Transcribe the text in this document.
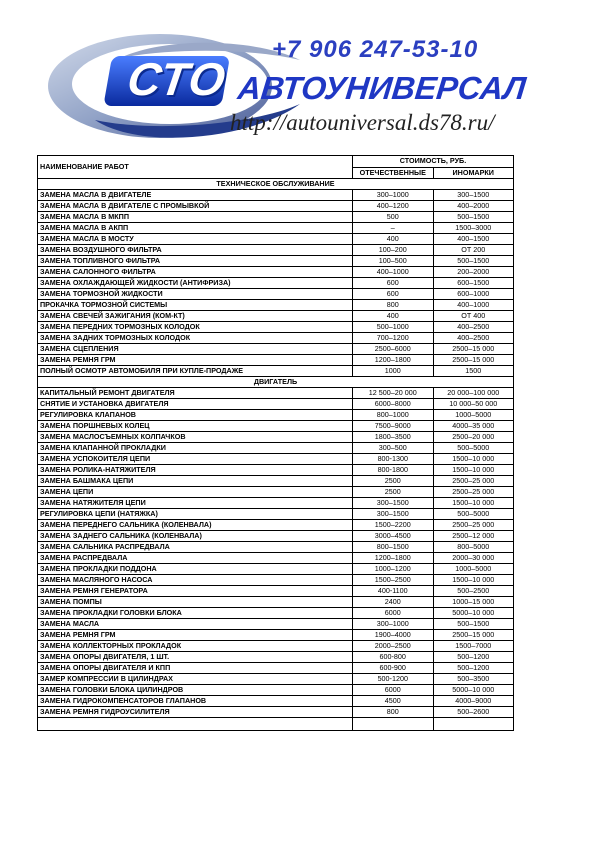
СТО
+7 906 247-53-10
АВТОУНИВЕРСАЛ
http://autouniversal.ds78.ru/
НАИМЕНОВАНИЕ РАБОТ	СТОИМОСТЬ, РУБ.	
	ОТЕЧЕСТВЕННЫЕ	ИНОМАРКИ
ТЕХНИЧЕСКОЕ ОБСЛУЖИВАНИЕ		
ЗАМЕНА МАСЛА В ДВИГАТЕЛЕ	300–1000	300–1500
ЗАМЕНА МАСЛА В ДВИГАТЕЛЕ С ПРОМЫВКОЙ	400–1200	400–2000
ЗАМЕНА МАСЛА В МКПП	500	500–1500
ЗАМЕНА МАСЛА В АКПП	–	1500–3000
ЗАМЕНА МАСЛА В МОСТУ	400	400–1500
ЗАМЕНА ВОЗДУШНОГО ФИЛЬТРА	100–200	ОТ 200
ЗАМЕНА ТОПЛИВНОГО ФИЛЬТРА	100–500	500–1500
ЗАМЕНА САЛОННОГО ФИЛЬТРА	400–1000	200–2000
ЗАМЕНА ОХЛАЖДАЮЩЕЙ ЖИДКОСТИ (АНТИФРИЗА)	600	600–1500
ЗАМЕНА ТОРМОЗНОЙ ЖИДКОСТИ	600	600–1000
ПРОКАЧКА ТОРМОЗНОЙ СИСТЕМЫ	800	400–1000
ЗАМЕНА СВЕЧЕЙ ЗАЖИГАНИЯ (КОМ-КТ)	400	ОТ 400
ЗАМЕНА ПЕРЕДНИХ ТОРМОЗНЫХ КОЛОДОК	500–1000	400–2500
ЗАМЕНА ЗАДНИХ ТОРМОЗНЫХ КОЛОДОК	700–1200	400–2500
ЗАМЕНА СЦЕПЛЕНИЯ	2500–6000	2500–15 000
ЗАМЕНА РЕМНЯ ГРМ	1200–1800	2500–15 000
ПОЛНЫЙ ОСМОТР АВТОМОБИЛЯ ПРИ КУПЛЕ-ПРОДАЖЕ	1000	1500
ДВИГАТЕЛЬ		
КАПИТАЛЬНЫЙ РЕМОНТ ДВИГАТЕЛЯ	12 500–20 000	20 000–100 000
СНЯТИЕ И УСТАНОВКА ДВИГАТЕЛЯ	6000–8000	10 000–50 000
РЕГУЛИРОВКА КЛАПАНОВ	800–1000	1000–5000
ЗАМЕНА ПОРШНЕВЫХ КОЛЕЦ	7500–9000	4000–35 000
ЗАМЕНА МАСЛОСЪЕМНЫХ КОЛПАЧКОВ	1800–3500	2500–20 000
ЗАМЕНА КЛАПАННОЙ ПРОКЛАДКИ	300–500	500–5000
ЗАМЕНА УСПОКОИТЕЛЯ ЦЕПИ	800-1300	1500–10 000
ЗАМЕНА РОЛИКА-НАТЯЖИТЕЛЯ	800-1800	1500–10 000
ЗАМЕНА БАШМАКА ЦЕПИ	2500	2500–25 000
ЗАМЕНА ЦЕПИ	2500	2500–25 000
ЗАМЕНА НАТЯЖИТЕЛЯ ЦЕПИ	300–1500	1500–10 000
РЕГУЛИРОВКА ЦЕПИ (НАТЯЖКА)	300–1500	500–5000
ЗАМЕНА ПЕРЕДНЕГО САЛЬНИКА (КОЛЕНВАЛА)	1500–2200	2500–25 000
ЗАМЕНА ЗАДНЕГО САЛЬНИКА (КОЛЕНВАЛА)	3000–4500	2500–12 000
ЗАМЕНА САЛЬНИКА РАСПРЕДВАЛА	800–1500	800–5000
ЗАМЕНА РАСПРЕДВАЛА	1200–1800	2000–30 000
ЗАМЕНА ПРОКЛАДКИ ПОДДОНА	1000–1200	1000–5000
ЗАМЕНА МАСЛЯНОГО НАСОСА	1500–2500	1500–10 000
ЗАМЕНА РЕМНЯ ГЕНЕРАТОРА	400-1100	500–2500
ЗАМЕНА ПОМПЫ	2400	1000–15 000
ЗАМЕНА ПРОКЛАДКИ ГОЛОВКИ БЛОКА	6000	5000–10 000
ЗАМЕНА МАСЛА	300–1000	500–1500
ЗАМЕНА РЕМНЯ ГРМ	1900–4000	2500–15 000
ЗАМЕНА КОЛЛЕКТОРНЫХ ПРОКЛАДОК	2000–2500	1500–7000
ЗАМЕНА ОПОРЫ ДВИГАТЕЛЯ, 1 ШТ.	600-800	500–1200
ЗАМЕНА ОПОРЫ ДВИГАТЕЛЯ И КПП	600-900	500–1200
ЗАМЕР КОМПРЕССИИ В ЦИЛИНДРАХ	500-1200	500–3500
ЗАМЕНА ГОЛОВКИ БЛОКА ЦИЛИНДРОВ	6000	5000–10 000
ЗАМЕНА ГИДРОКОМПЕНСАТОРОВ ГЛАПАНОВ	4500	4000–9000
ЗАМЕНА РЕМНЯ ГИДРОУСИЛИТЕЛЯ	800	500–2600
